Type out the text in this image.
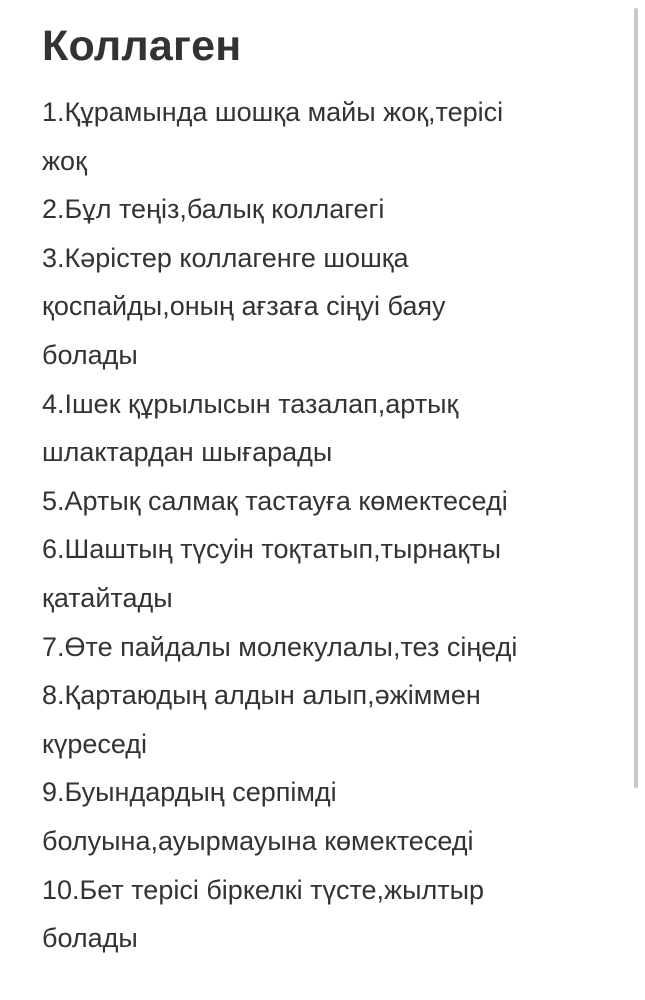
Коллаген
1.Құрамында шошқа майы жоқ,терісі
жоқ
2.Бұл теңіз,балық коллагегі
3.Кәрістер коллагенге шошқа
қоспайды,оның ағзаға сіңуі баяу
болады
4.Ішек құрылысын тазалап,артық
шлактардан шығарады
5.Артық салмақ тастауға көмектеседі
6.Шаштың түсуін тоқтатып,тырнақты
қатайтады
7.Өте пайдалы молекулалы,тез сіңеді
8.Қартаюдың алдын алып,әжіммен
күреседі
9.Буындардың серпімді
болуына,ауырмауына көмектеседі
10.Бет терісі біркелкі түсте,жылтыр
болады
